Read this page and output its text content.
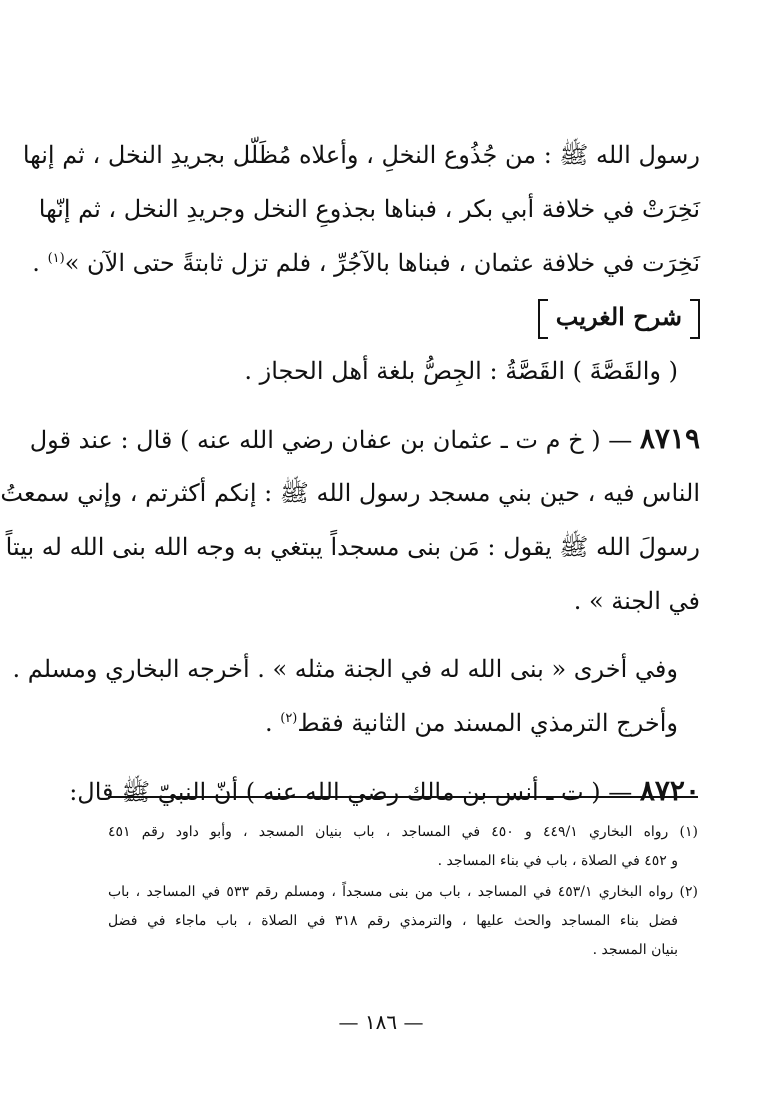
رسول الله ﷺ : من جُذُوع النخلِ ، وأعلاه مُظَلّل بجريدِ النخل ، ثم إنها
نَخِرَتْ في خلافة أبي بكر ، فبناها بجذوعِ النخل وجريدِ النخل ، ثم إنّها
نَخِرَت في خلافة عثمان ، فبناها بالآجُرِّ ، فلم تزل ثابتةً حتى الآن »$^{(١)}$ .
شرح الغريب
( والقَصَّةَ ) القَصَّةُ : الجِصُّ بلغة أهل الحجاز .
٨٧١٩ — ( خ م ت ـ عثمان بن عفان رضي الله عنه ) قال : عند قول
الناس فيه ، حين بني مسجد رسول الله ﷺ : إنكم أكثرتم ، وإني سمعتُ
رسولَ الله ﷺ يقول : مَن بنى مسجداً يبتغي به وجه الله بنى الله له بيتاً
في الجنة » .
وفي أخرى « بنى الله له في الجنة مثله » . أخرجه البخاري ومسلم .
وأخرج الترمذي المسند من الثانية فقط$^{(٢)}$ .
٨٧٢٠ — ( ت ـ أنس بن مالك رضي الله عنه ) أنّ النبيّ ﷺ قال:
(١) رواه البخاري ٤٤٩/١ و ٤٥٠ في المساجد ، باب بنيان المسجد ، وأبو داود رقم ٤٥١
و ٤٥٢ في الصلاة ، باب في بناء المساجد .
(٢) رواه البخاري ٤٥٣/١ في المساجد ، باب من بنى مسجداً ، ومسلم رقم ٥٣٣ في المساجد ، باب
فضل بناء المساجد والحث عليها ، والترمذي رقم ٣١٨ في الصلاة ، باب ماجاء في فضل
بنيان المسجد .
— ١٨٦ —
